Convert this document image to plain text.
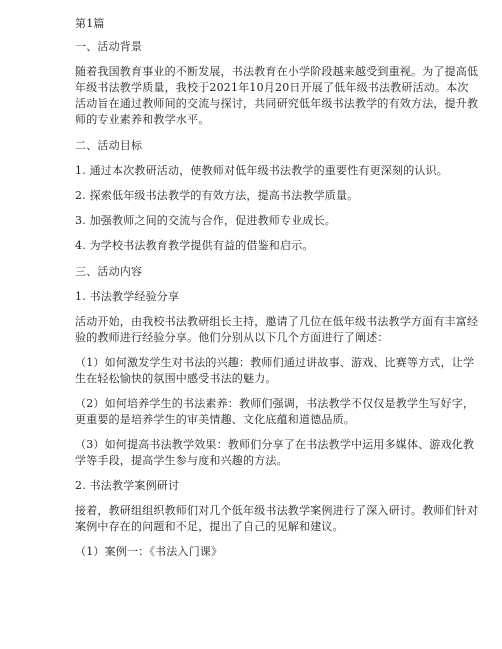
第1篇

一、活动背景

随着我国教育事业的不断发展，书法教育在小学阶段越来越受到重视。为了提高低

年级书法教学质量，我校于2021年10月20日开展了低年级书法教研活动。本次

活动旨在通过教师间的交流与探讨，共同研究低年级书法教学的有效方法，提升教

师的专业素养和教学水平。

二、活动目标

1. 通过本次教研活动，使教师对低年级书法教学的重要性有更深刻的认识。

2. 探索低年级书法教学的有效方法，提高书法教学质量。

3. 加强教师之间的交流与合作，促进教师专业成长。

4. 为学校书法教育教学提供有益的借鉴和启示。

三、活动内容

1. 书法教学经验分享

活动开始，由我校书法教研组长主持，邀请了几位在低年级书法教学方面有丰富经

验的教师进行经验分享。他们分别从以下几个方面进行了阐述：

（1）如何激发学生对书法的兴趣：教师们通过讲故事、游戏、比赛等方式，让学

生在轻松愉快的氛围中感受书法的魅力。

（2）如何培养学生的书法素养：教师们强调，书法教学不仅仅是教学生写好字，

更重要的是培养学生的审美情趣、文化底蕴和道德品质。

（3）如何提高书法教学效果：教师们分享了在书法教学中运用多媒体、游戏化教

学等手段，提高学生参与度和兴趣的方法。

2. 书法教学案例研讨

接着，教研组组织教师们对几个低年级书法教学案例进行了深入研讨。教师们针对

案例中存在的问题和不足，提出了自己的见解和建议。

（1）案例一：《书法入门课》
